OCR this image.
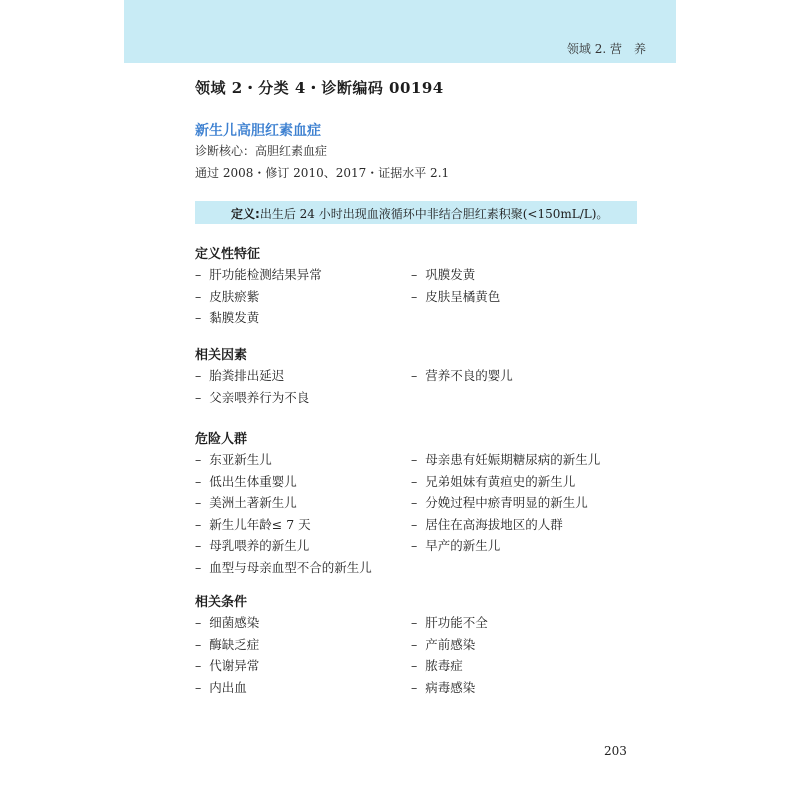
领域 2. 营　养
领域 2・分类 4・诊断编码 00194
新生儿高胆红素血症
诊断核心：高胆红素血症
通过 2008・修订 2010、2017・证据水平 2.1
定义:出生后 24 小时出现血液循环中非结合胆红素积聚(<150mL/L)。
定义性特征
– 肝功能检测结果异常	– 巩膜发黄
– 皮肤瘀紫	– 皮肤呈橘黄色
– 黏膜发黄
相关因素
– 胎粪排出延迟	– 营养不良的婴儿
– 父亲喂养行为不良
危险人群
– 东亚新生儿	– 母亲患有妊娠期糖尿病的新生儿
– 低出生体重婴儿	– 兄弟姐妹有黄疸史的新生儿
– 美洲土著新生儿	– 分娩过程中瘀青明显的新生儿
– 新生儿年龄≤ 7 天	– 居住在高海拔地区的人群
– 母乳喂养的新生儿	– 早产的新生儿
– 血型与母亲血型不合的新生儿
相关条件
– 细菌感染	– 肝功能不全
– 酶缺乏症	– 产前感染
– 代谢异常	– 脓毒症
– 内出血	– 病毒感染
203
